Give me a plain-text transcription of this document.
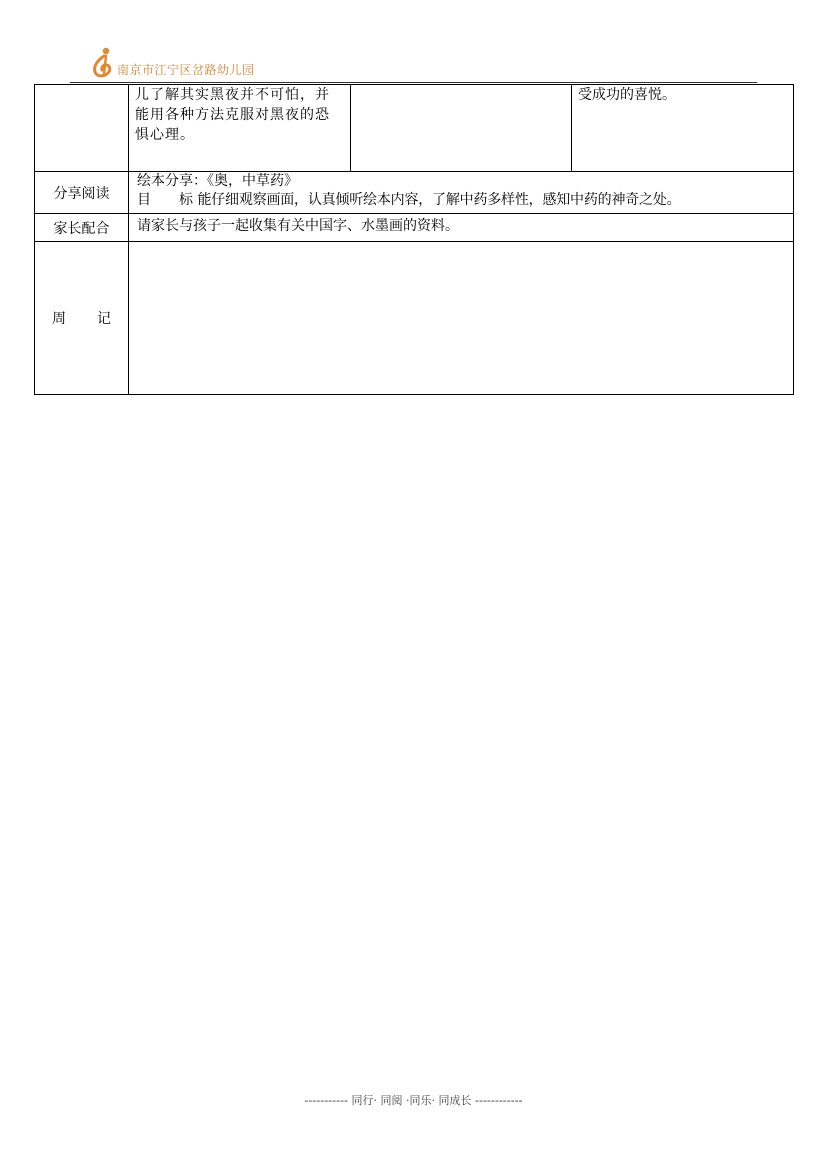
南京市江宁区岔路幼儿园

	儿了解其实黑夜并不可怕，并能用各种方法克服对黑夜的恐惧心理。		受成功的喜悦。

分享阅读	绘本分享：《奥，中草药》
目　　标 能仔细观察画面，认真倾听绘本内容，了解中药多样性，感知中药的神奇之处。		

家长配合	请家长与孩子一起收集有关中国字、水墨画的资料。		

周 记			
----------- 同行· 同阅 ·同乐· 同成长 ------------
